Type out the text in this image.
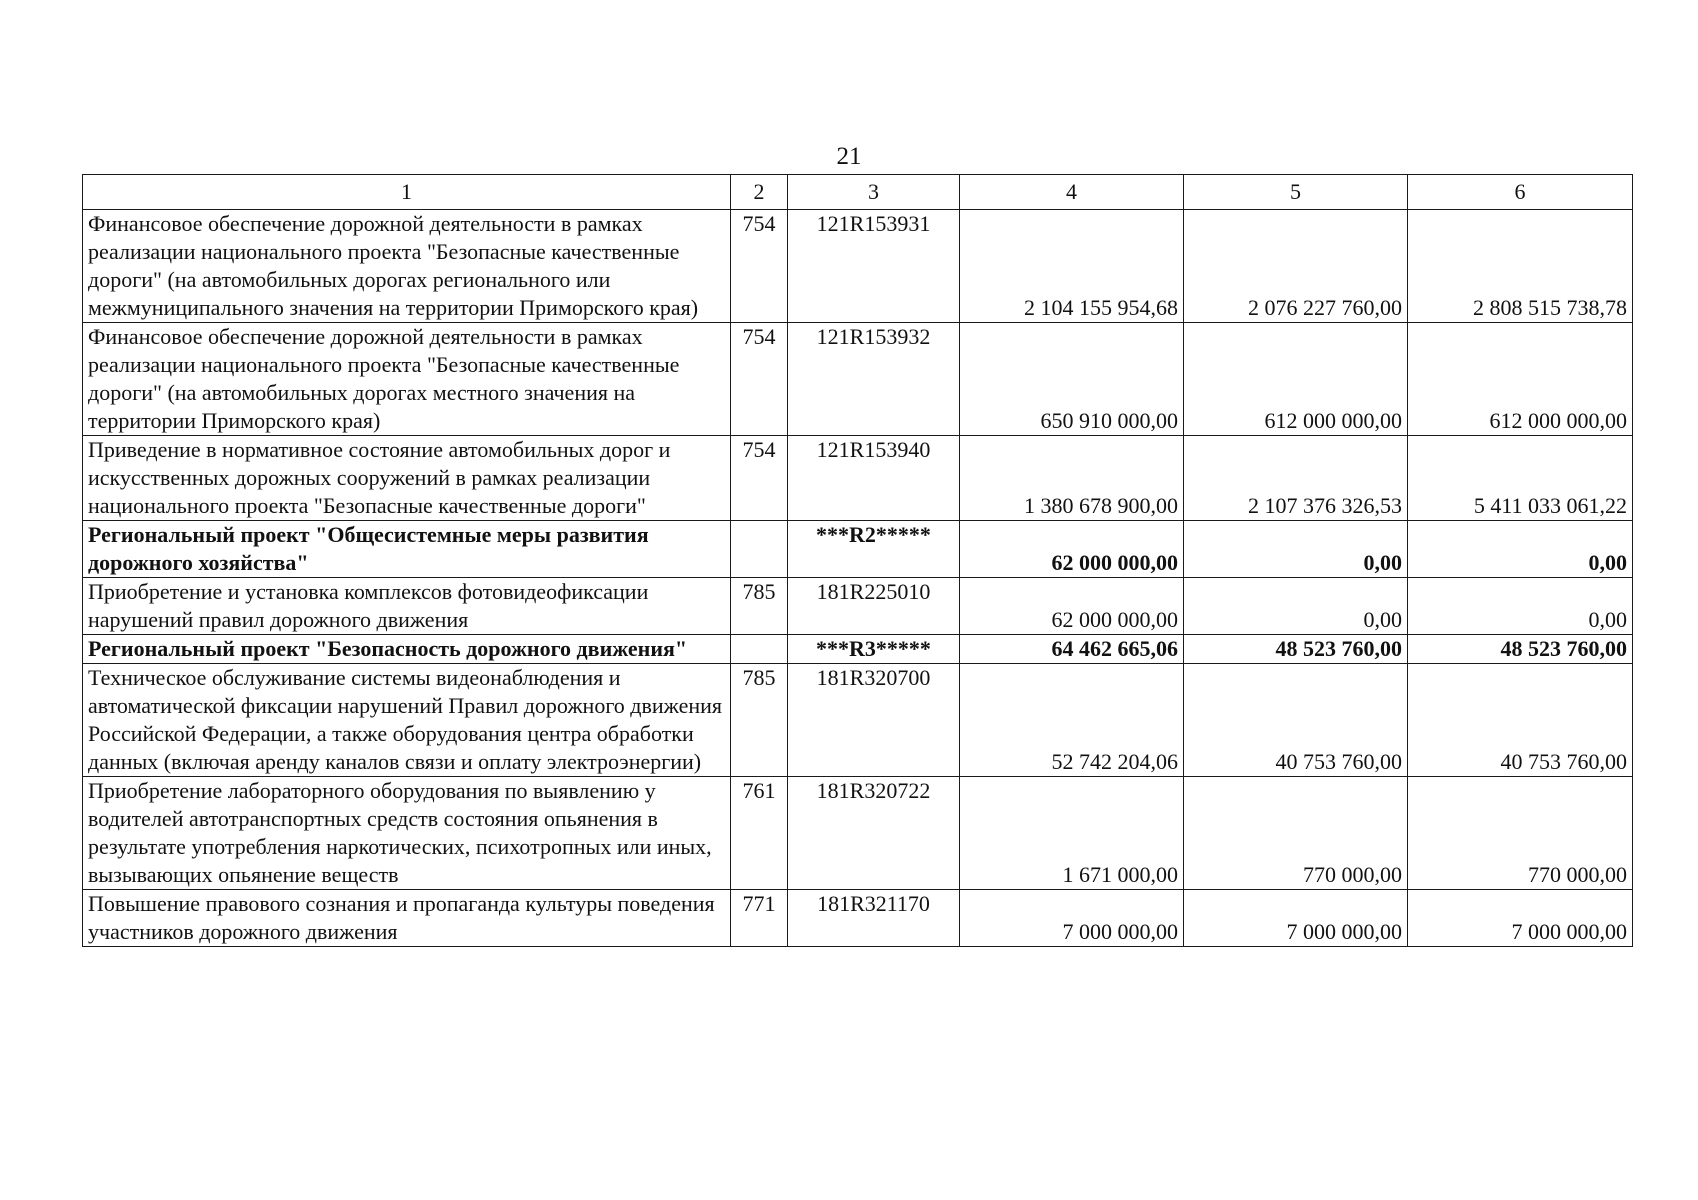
21
1	2	3	4	5	6
Финансовое обеспечение дорожной деятельности в рамках реализации национального проекта "Безопасные качественные дороги" (на автомобильных дорогах регионального или межмуниципального значения на территории Приморского края)	754	121R153931	2 104 155 954,68	2 076 227 760,00	2 808 515 738,78
Финансовое обеспечение дорожной деятельности в рамках реализации национального проекта "Безопасные качественные дороги" (на автомобильных дорогах местного значения на территории Приморского края)	754	121R153932	650 910 000,00	612 000 000,00	612 000 000,00
Приведение в нормативное состояние автомобильных дорог и искусственных дорожных сооружений в рамках реализации национального проекта "Безопасные качественные дороги"	754	121R153940	1 380 678 900,00	2 107 376 326,53	5 411 033 061,22
Региональный проект "Общесистемные меры развития дорожного хозяйства"		***R2*****	62 000 000,00	0,00	0,00
Приобретение и установка комплексов фотовидеофиксации нарушений правил дорожного движения	785	181R225010	62 000 000,00	0,00	0,00
Региональный проект "Безопасность дорожного движения"		***R3*****	64 462 665,06	48 523 760,00	48 523 760,00
Техническое обслуживание системы видеонаблюдения и автоматической фиксации нарушений Правил дорожного движения Российской Федерации, а также оборудования центра обработки данных (включая аренду каналов связи и оплату электроэнергии)	785	181R320700	52 742 204,06	40 753 760,00	40 753 760,00
Приобретение лабораторного оборудования по выявлению у водителей автотранспортных средств состояния опьянения в результате употребления наркотических, психотропных или иных, вызывающих опьянение веществ	761	181R320722	1 671 000,00	770 000,00	770 000,00
Повышение правового сознания и пропаганда культуры поведения участников дорожного движения	771	181R321170	7 000 000,00	7 000 000,00	7 000 000,00
